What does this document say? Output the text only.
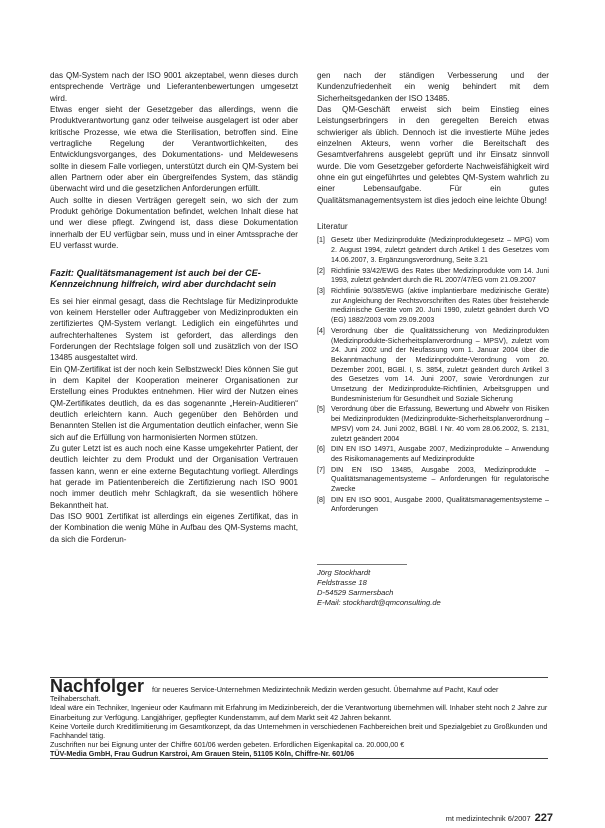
das QM-System nach der ISO 9001 akzeptabel, wenn dieses durch entsprechende Verträge und Lieferantenbewertungen umgesetzt wird.

Etwas enger sieht der Gesetzgeber das allerdings, wenn die Produktverantwortung ganz oder teilweise ausgelagert ist oder aber kritische Prozesse, wie etwa die Sterilisation, betroffen sind. Eine vertragliche Regelung der Verantwortlichkeiten, des Entwicklungsvorganges, des Dokumentations- und Meldewesens sollte in diesem Falle vorliegen, unterstützt durch ein QM-System bei allen Partnern oder aber ein übergreifendes System, das ständig überwacht wird und die gesetzlichen Anforderungen erfüllt.

Auch sollte in diesen Verträgen geregelt sein, wo sich der zum Produkt gehörige Dokumentation befindet, welchen Inhalt diese hat und wer diese pflegt. Zwingend ist, dass diese Dokumentation innerhalb der EU verfügbar sein, muss und in einer Amtssprache der EU verfasst wurde.

Fazit: Qualitätsmanagement ist auch bei der CE-Kennzeichnung hilfreich, wird aber durchdacht sein

Es sei hier einmal gesagt, dass die Rechtslage für Medizinprodukte von keinem Hersteller oder Auftraggeber von Medizinprodukten ein zertifiziertes QM-System verlangt. Lediglich ein eingeführtes und aufrechterhaltenes System ist gefordert, das allerdings den Forderungen der Rechtslage folgen soll und zusätzlich von der ISO 13485 ausgestaltet wird.

Ein QM-Zertifikat ist der noch kein Selbstzweck! Dies können Sie gut in dem Kapitel der Kooperation meinerer Organisationen zur Erstellung eines Produktes entnehmen. Hier wird der Nutzen eines QM-Zertifikates deutlich, da es das sogenannte „Herein-Auditieren“ deutlich erleichtern kann. Auch gegenüber den Behörden und Benannten Stellen ist die Argumentation deutlich einfacher, wenn Sie sich auf die Erfüllung von harmonisierten Normen stützen.

Zu guter Letzt ist es auch noch eine Kasse umgekehrter Patient, der deutlich leichter zu dem Produkt und der Organisation Vertrauen fassen kann, wenn er eine externe Begutachtung vorliegt. Allerdings hat gerade im Patientenbereich die Zertifizierung nach ISO 9001 noch immer deutlich mehr Schlagkraft, da sie wesentlich höhere Bekanntheit hat.

Das ISO 9001 Zertifikat ist allerdings ein eigenes Zertifikat, das in der Kombination die wenig Mühe in Aufbau des QM-Systems macht, da sich die Forderun-

gen nach der ständigen Verbesserung und der Kundenzufriedenheit ein wenig behindert mit dem Sicherheitsgedanken der ISO 13485.

Das QM-Geschäft erweist sich beim Einstieg eines Leistungserbringers in den geregelten Bereich etwas schwieriger als üblich. Dennoch ist die investierte Mühe jedes einzelnen Akteurs, wenn vorher die Bereitschaft des Gesamtverfahrens ausgelebt geprüft und ihr Einsatz sinnvoll wurde. Die vom Gesetzgeber geforderte Nachweisfähigkeit wird ohne ein gut eingeführtes und gelebtes QM-System wahrlich zu einer Lebensaufgabe. Für ein gutes Qualitätsmanagementsystem ist dies jedoch eine leichte Übung!

Literatur

[1] Gesetz über Medizinprodukte (Medizinproduktegesetz – MPG) vom 2. August 1994, zuletzt geändert durch Artikel 1 des Gesetzes vom 14.06.2007, 3. Ergänzungsverordnung, Seite 3.21
[2] Richtlinie 93/42/EWG des Rates über Medizinprodukte vom 14. Juni 1993, zuletzt geändert durch die RL 2007/47/EG vom 21.09.2007
[3] Richtlinie 90/385/EWG (aktive implantierbare medizinische Geräte) zur Angleichung der Rechtsvorschriften des Rates über freistehende medizinische Geräte vom 20. Juni 1990, zuletzt geändert durch VO (EG) 1882/2003 vom 29.09.2003
[4] Verordnung über die Qualitätssicherung von Medizinprodukten (Medizinprodukte-Sicherheitsplanverordnung – MPSV), zuletzt vom 24. Juni 2002 und der Neufassung vom 1. Januar 2004 über die Bekanntmachung der Medizinprodukte-Verordnung vom 20. Dezember 2001, BGBl. I, S. 3854, zuletzt geändert durch Artikel 3 des Gesetzes vom 14. Juni 2007, sowie Verordnungen zur Umsetzung der Medizinprodukte-Richtlinien, Arbeitsgruppen und Bundesministerium für Gesundheit und Soziale Sicherung
[5] Verordnung über die Erfassung, Bewertung und Abwehr von Risiken bei Medizinprodukten (Medizinprodukte-Sicherheitsplanverordnung – MPSV) vom 24. Juni 2002, BGBl. I Nr. 40 vom 28.06.2002, S. 2131, zuletzt geändert 2004
[6] DIN EN ISO 14971, Ausgabe 2007, Medizinprodukte – Anwendung des Risikomanagements auf Medizinprodukte
[7] DIN EN ISO 13485, Ausgabe 2003, Medizinprodukte – Qualitätsmanagementsysteme – Anforderungen für regulatorische Zwecke
[8] DIN EN ISO 9001, Ausgabe 2000, Qualitätsmanagementsysteme – Anforderungen
Jörg Stockhardt
Feldstrasse 18
D-54529 Sarmersbach
E-Mail: stockhardt@qmconsulting.de

Nachfolger für neueres Service-Unternehmen Medizintechnik Medizin werden gesucht. Übernahme auf Pacht, Kauf oder Teilhaberschaft.

Ideal wäre ein Techniker, Ingenieur oder Kaufmann mit Erfahrung im Medizinbereich, der die Verantwortung übernehmen will. Inhaber steht noch 2 Jahre zur Einarbeitung zur Verfügung. Langjähriger, gepflegter Kundenstamm, auf dem Markt seit 42 Jahren bekannt.

Keine Vorteile durch Kreditlimitierung im Gesamtkonzept, da das Unternehmen in verschiedenen Fachbereichen breit und Spezialgebiet zu Großkunden und Fachhandel tätig.

Zuschriften nur bei Eignung unter der Chiffre 601/06 werden gebeten. Erfordlichen Eigenkapital ca. 20.000,00 €

TÜV-Media GmbH, Frau Gudrun Karstroi, Am Grauen Stein, 51105 Köln, Chiffre-Nr. 601/06

mt medizintechnik 6/2007 227
